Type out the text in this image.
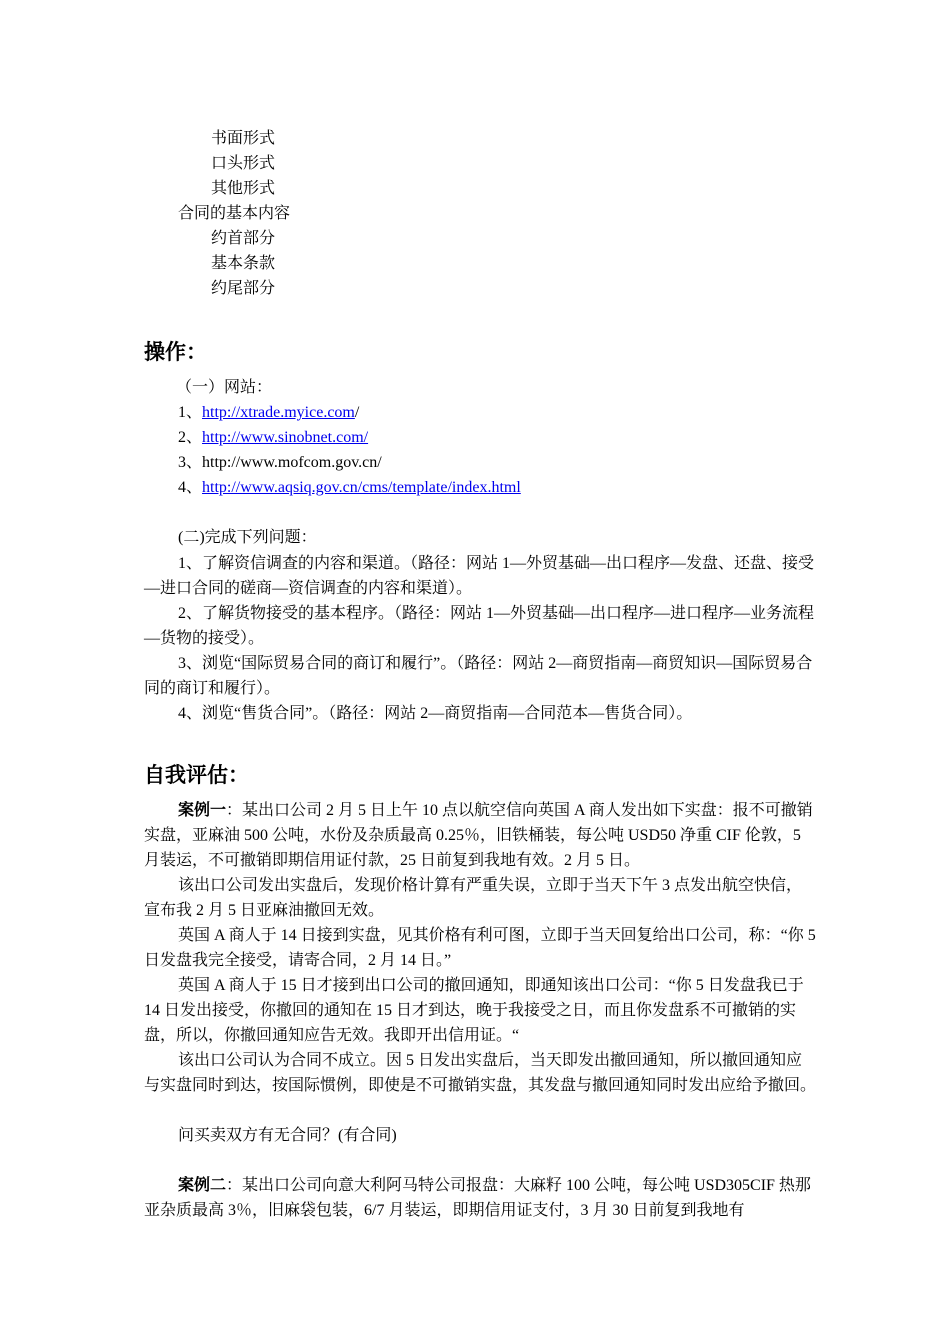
书面形式
口头形式
其他形式
合同的基本内容
约首部分
基本条款
约尾部分
操作：
（一）网站：
1、http://xtrade.myice.com/
2、http://www.sinobnet.com/
3、http://www.mofcom.gov.cn/
4、http://www.aqsiq.gov.cn/cms/template/index.html
(二)完成下列问题：
1、了解资信调查的内容和渠道。（路径：网站 1—外贸基础—出口程序—发盘、还盘、接受—进口合同的磋商—资信调查的内容和渠道）。
2、了解货物接受的基本程序。（路径：网站 1—外贸基础—出口程序—进口程序—业务流程—货物的接受）。
3、浏览“国际贸易合同的商订和履行”。（路径：网站 2—商贸指南—商贸知识—国际贸易合同的商订和履行）。
4、浏览“售货合同”。（路径：网站 2—商贸指南—合同范本—售货合同）。
自我评估：
案例一：某出口公司 2 月 5 日上午 10 点以航空信向英国 A 商人发出如下实盘：报不可撤销实盘，亚麻油 500 公吨，水份及杂质最高 0.25％，旧铁桶装，每公吨 USD50 净重 CIF 伦敦，5 月装运，不可撤销即期信用证付款，25 日前复到我地有效。2 月 5 日。
该出口公司发出实盘后，发现价格计算有严重失误，立即于当天下午 3 点发出航空快信，宣布我 2 月 5 日亚麻油撤回无效。
英国 A 商人于 14 日接到实盘，见其价格有利可图，立即于当天回复给出口公司，称：“你 5 日发盘我完全接受，请寄合同，2 月 14 日。”
英国 A 商人于 15 日才接到出口公司的撤回通知，即通知该出口公司：“你 5 日发盘我已于 14 日发出接受，你撤回的通知在 15 日才到达，晚于我接受之日，而且你发盘系不可撤销的实盘，所以，你撤回通知应告无效。我即开出信用证。“
该出口公司认为合同不成立。因 5 日发出实盘后，当天即发出撤回通知，所以撤回通知应与实盘同时到达，按国际惯例，即使是不可撤销实盘，其发盘与撤回通知同时发出应给予撤回。
问买卖双方有无合同？(有合同)
案例二：某出口公司向意大利阿马特公司报盘：大麻籽 100 公吨，每公吨 USD305CIF 热那亚杂质最高 3％，旧麻袋包装，6/7 月装运，即期信用证支付，3 月 30 日前复到我地有
